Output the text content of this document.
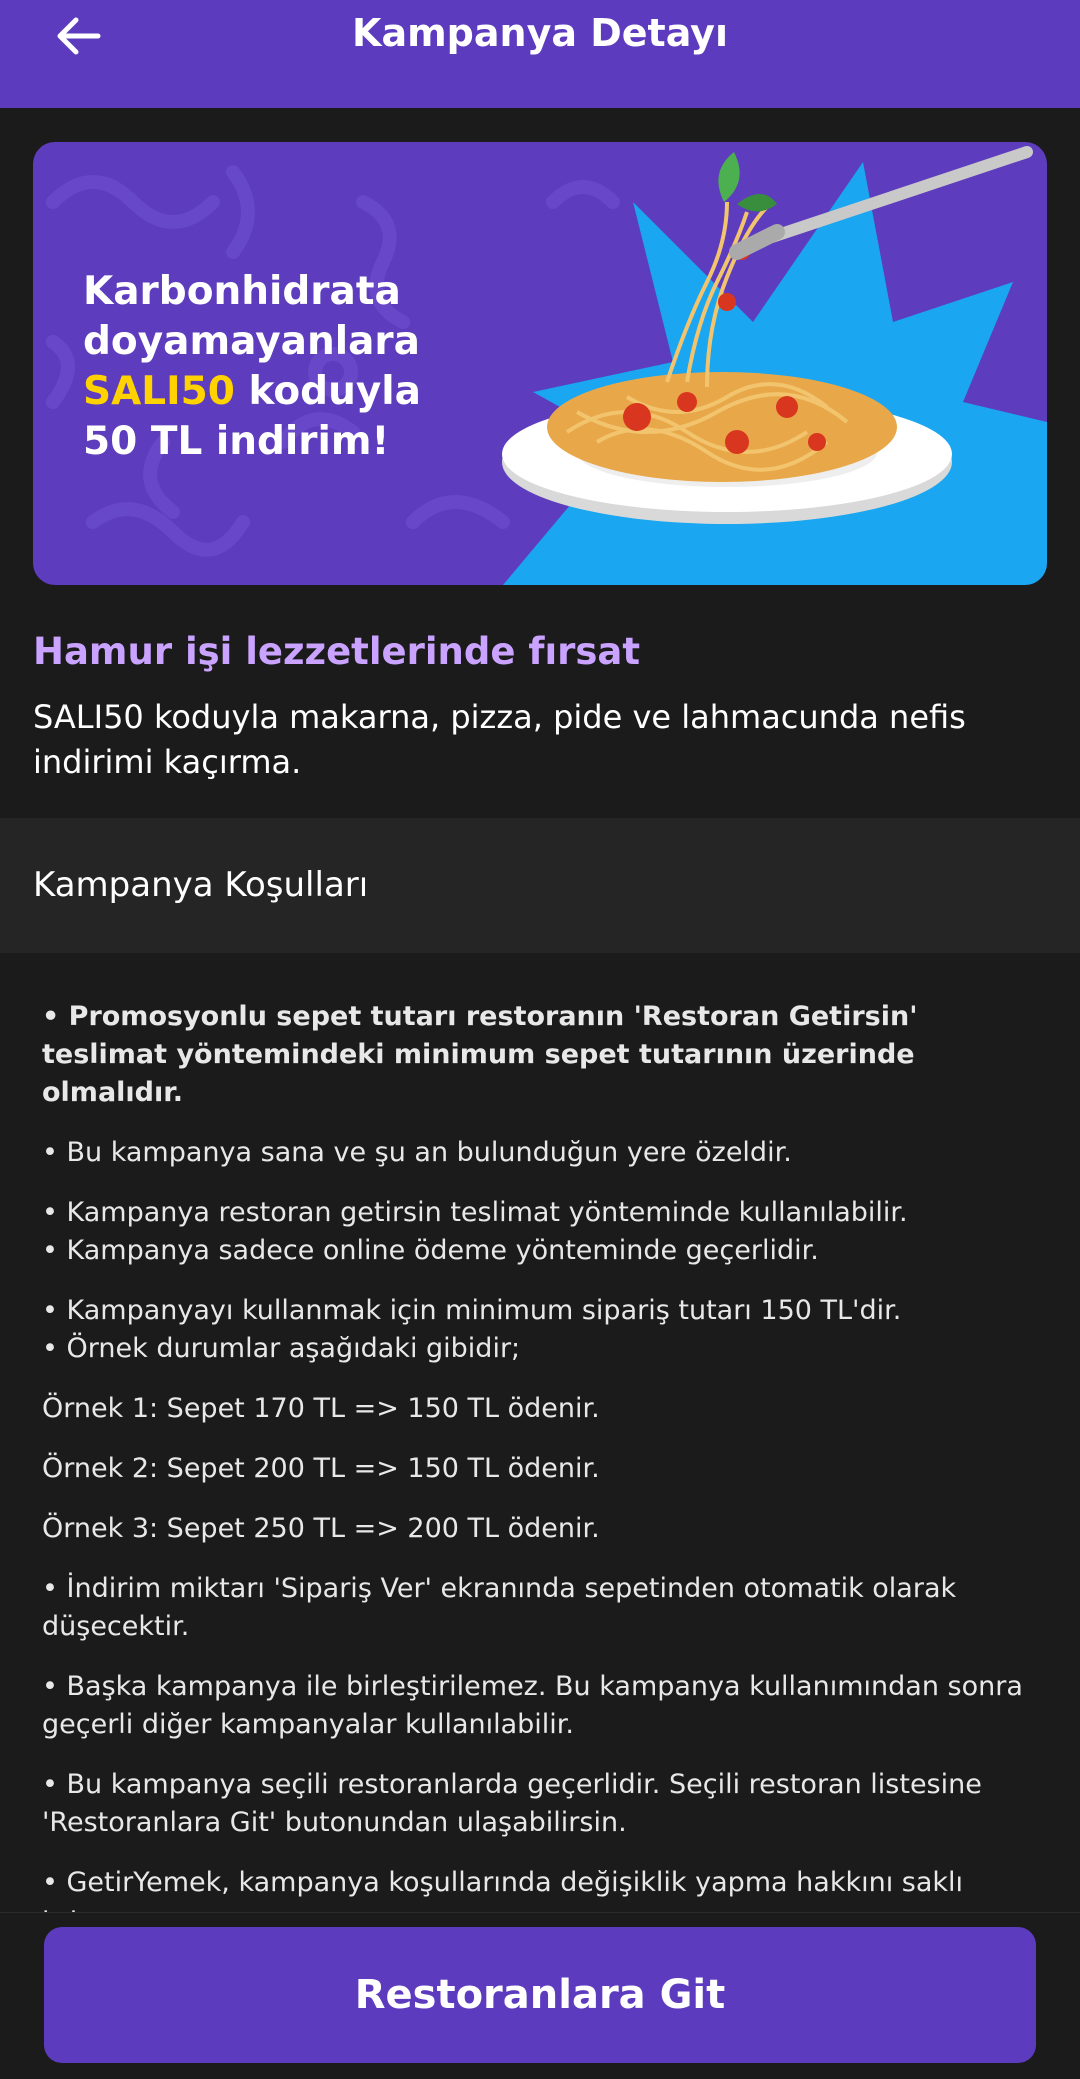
Kampanya Detayı
Karbonhidrata
doyamayanlara
SALI50 koduyla
50 TL indirim!
Hamur işi lezzetlerinde fırsat
SALI50 koduyla makarna, pizza, pide ve lahmacunda nefis indirimi kaçırma.
Kampanya Koşulları

• Promosyonlu sepet tutarı restoranın 'Restoran Getirsin' teslimat yöntemindeki minimum sepet tutarının üzerinde olmalıdır.

• Bu kampanya sana ve şu an bulunduğun yere özeldir.

• Kampanya restoran getirsin teslimat yönteminde kullanılabilir.

• Kampanya sadece online ödeme yönteminde geçerlidir.

• Kampanyayı kullanmak için minimum sipariş tutarı 150 TL'dir.

• Örnek durumlar aşağıdaki gibidir;

Örnek 1: Sepet 170 TL => 150 TL ödenir.

Örnek 2: Sepet 200 TL => 150 TL ödenir.

Örnek 3: Sepet 250 TL => 200 TL ödenir.

• İndirim miktarı 'Sipariş Ver' ekranında sepetinden otomatik olarak düşecektir.

• Başka kampanya ile birleştirilemez. Bu kampanya kullanımından sonra geçerli diğer kampanyalar kullanılabilir.

• Bu kampanya seçili restoranlarda geçerlidir. Seçili restoran listesine 'Restoranlara Git' butonundan ulaşabilirsin.

• GetirYemek, kampanya koşullarında değişiklik yapma hakkını saklı

Restoranlara Git
